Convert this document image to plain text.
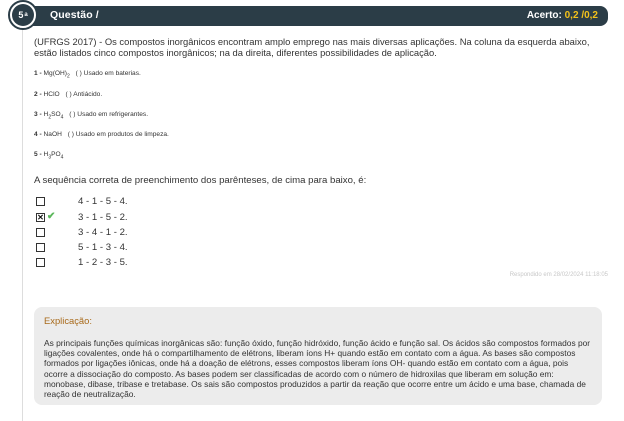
5 a Questão /	Acerto: 0,2 /0,2

(UFRGS 2017) - Os compostos inorgânicos encontram amplo emprego nas mais diversas aplicações. Na coluna da esquerda abaixo, estão listados cinco compostos inorgânicos; na da direita, diferentes possibilidades de aplicação.

$1 - Mg(OH)_2$ ( ) Usado em baterias.
2 - HClO ( ) Antiácido.
$3 - H_2SO_4$ ( ) Usado em refrigerantes.
4 - NaOH ( ) Usado em produtos de limpeza.
$5 - H_3PO_4$
A sequência correta de preenchimento dos parênteses, de cima para baixo, é:
4 - 1 - 5 - 4.
✕ ✔ 3 - 1 - 5 - 2.
3 - 4 - 1 - 2.
5 - 1 - 3 - 4.
1 - 2 - 3 - 5.
Respondido em 28/02/2024 11:18:05
Explicação:

As principais funções químicas inorgânicas são: função óxido, função hidróxido, função ácido e função sal. Os ácidos são compostos formados por ligações covalentes, onde há o compartilhamento de elétrons, liberam íons H+ quando estão em contato com a água. As bases são compostos formados por ligações iônicas, onde há a doação de elétrons, esses compostos liberam íons OH- quando estão em contato com a água, pois ocorre a dissociação do composto. As bases podem ser classificadas de acordo com o número de hidroxilas que liberam em solução em: monobase, dibase, tribase e tretabase. Os sais são compostos produzidos a partir da reação que ocorre entre um ácido e uma base, chamada de reação de neutralização.
